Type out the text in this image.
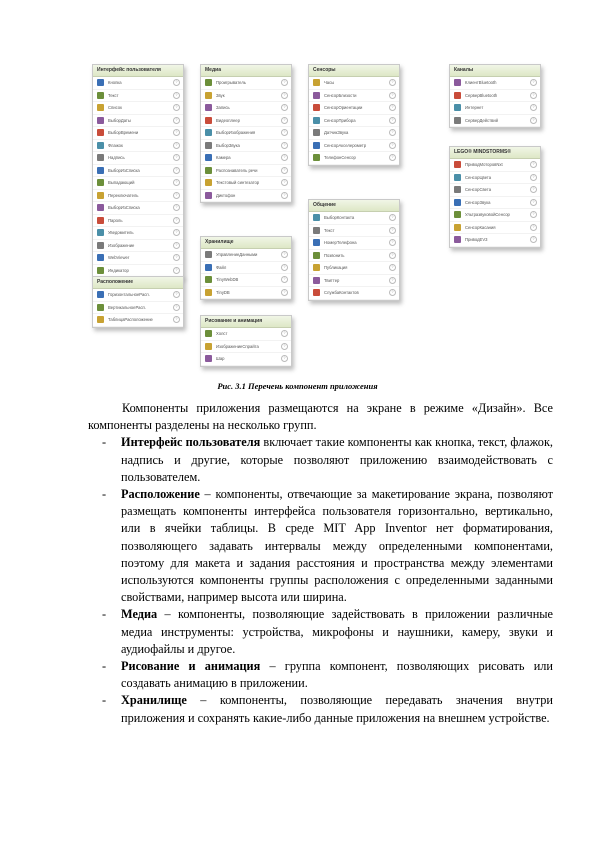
Интерфейс пользователя
Кнопка	?
Текст	?
Список	?
ВыборДаты	?
ВыборВремени	?
Флажок	?
Надпись	?
ВыборИзСписка	?
Выпадающий	?
Переключатель	?
ВыборИзСписка	?
Пароль	?
Уведомитель	?
Изображение	?
WebViewer	?
Индикатор	?
Медиа
Проигрыватель	?
Звук	?
Запись	?
Видеоплеер	?
ВыборИзображения	?
ВыборЗвука	?
Камера	?
Распознаватель речи	?
Текстовый синтезатор	?
Диктофон	?
Сенсоры
Часы	?
СенсорБлизости	?
СенсорОриентации	?
СенсорПрибора	?
ДатчикЗвука	?
СенсорАкселерометр	?
ТелефонСенсор	?
Каналы
КлиентBluetooth	?
СерверBluetooth	?
Интернет	?
СерверДействий	?
LEGO® MINDSTORMS®
ПриводМоторовNxt	?
СенсорЦвета	?
СенсорСвета	?
СенсорЗвука	?
УльтразвуковойСенсор	?
СенсорКасания	?
ПриводEV3	?
Общение
ВыборКонтакта	?
Текст	?
НомерТелефона	?
Позвонить	?
Публикация	?
Твиттер	?
СлужбаКонтактов	?
Хранилище
УправлениеДанными	?
Файл	?
ТinyWebDB	?
ТinyDB	?
Расположение
ГоризонтальноеРасп.	?
ВертикальноеРасп.	?
ТаблицаРасположение	?	Рисование и анимация
Холст	?
ИзображениеСпрайта	?
Шар	?
Рис. 3.1 Перечень компонент приложения

Компоненты приложения размещаются на экране в режиме «Дизайн». Все компоненты разделены на несколько групп.

- Интерфейс пользователя включает такие компоненты как кнопка, текст, флажок, надпись и другие, которые позволяют приложению взаимодействовать с пользователем.
- Расположение – компоненты, отвечающие за макетирование экрана, позволяют размещать компоненты интерфейса пользователя горизонтально, вертикально, или в ячейки таблицы. В среде MIT App Inventor нет форматирования, позволяющего задавать интервалы между определенными компонентами, поэтому для макета и задания расстояния и пространства между элементами используются компоненты группы расположения с определенными заданными свойствами, например высота или ширина.
- Медиа – компоненты, позволяющие задействовать в приложении различные медиа инструменты: устройства, микрофоны и наушники, камеру, звуки и аудиофайлы и другое.
- Рисование и анимация – группа компонент, позволяющих рисовать или создавать анимацию в приложении.
- Хранилище – компоненты, позволяющие передавать значения внутри приложения и сохранять какие-либо данные приложения на внешнем устройстве.
